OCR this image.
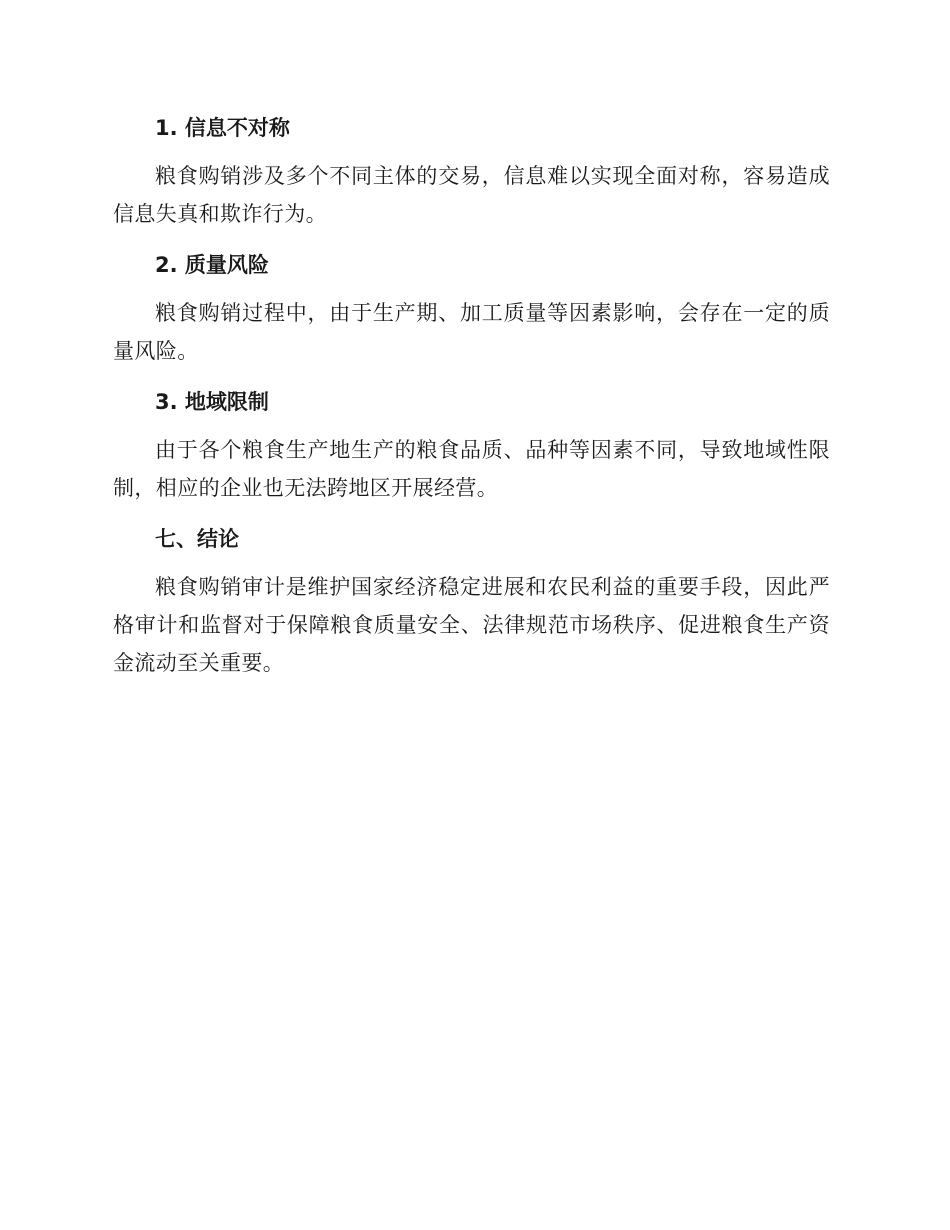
1. 信息不对称

粮食购销涉及多个不同主体的交易，信息难以实现全面对称，容易造成信息失真和欺诈行为。

2. 质量风险

粮食购销过程中，由于生产期、加工质量等因素影响，会存在一定的质量风险。

3. 地域限制

由于各个粮食生产地生产的粮食品质、品种等因素不同，导致地域性限制，相应的企业也无法跨地区开展经营。

七、结论

粮食购销审计是维护国家经济稳定进展和农民利益的重要手段，因此严格审计和监督对于保障粮食质量安全、法律规范市场秩序、促进粮食生产资金流动至关重要。
